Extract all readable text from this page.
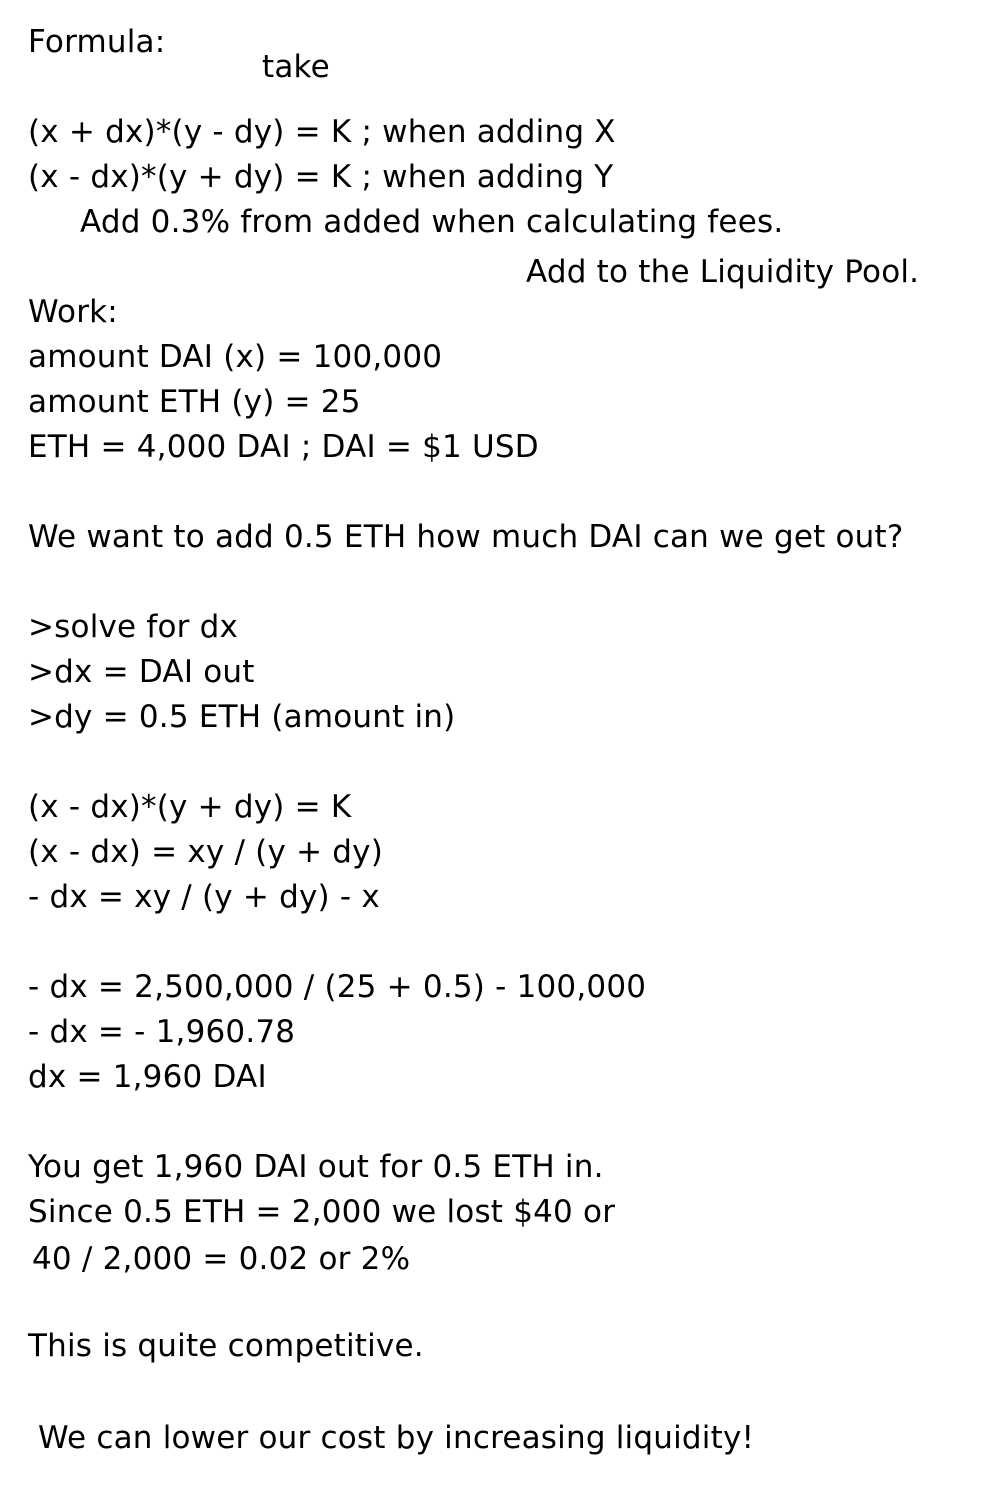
Formula:
take
(x + dx)*(y - dy) = K ; when adding X
(x - dx)*(y + dy) = K ; when adding Y
Add 0.3% from added when calculating fees.
Add to the Liquidity Pool.
Work:
amount DAI (x) = 100,000
amount ETH (y) = 25
ETH = 4,000 DAI ; DAI = $1 USD
We want to add 0.5 ETH how much DAI can we get out?
>solve for dx
>dx = DAI out
>dy = 0.5 ETH (amount in)
(x - dx)*(y + dy) = K
(x - dx) = xy / (y + dy)
- dx = xy / (y + dy) - x
- dx = 2,500,000 / (25 + 0.5) - 100,000
- dx = - 1,960.78
dx = 1,960 DAI
You get 1,960 DAI out for 0.5 ETH in.
Since 0.5 ETH = 2,000 we lost $40 or
40 / 2,000 = 0.02 or 2%
This is quite competitive.
We can lower our cost by increasing liquidity!
